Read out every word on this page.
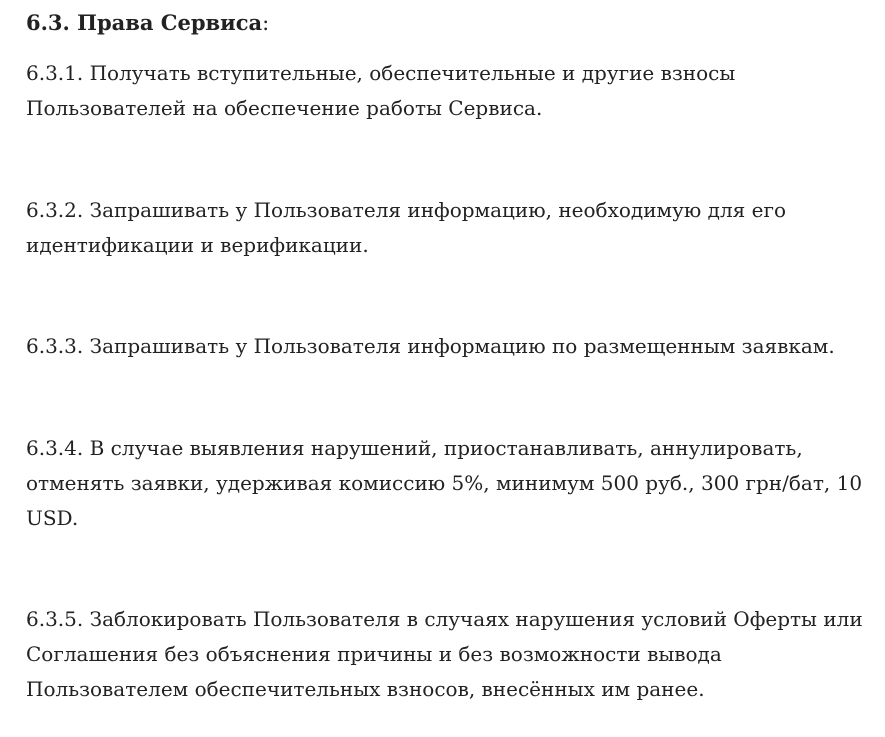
6.3. Права Сервиса:

6.3.1. Получать вступительные, обеспечительные и другие взносы
Пользователей на обеспечение работы Сервиса.

6.3.2. Запрашивать у Пользователя информацию, необходимую для его
идентификации и верификации.

6.3.3. Запрашивать у Пользователя информацию по размещенным заявкам.

6.3.4. В случае выявления нарушений, приостанавливать, аннулировать,
отменять заявки, удерживая комиссию 5%, минимум 500 руб., 300 грн/бат, 10
USD.

6.3.5. Заблокировать Пользователя в случаях нарушения условий Оферты или
Соглашения без объяснения причины и без возможности вывода
Пользователем обеспечительных взносов, внесённых им ранее.
